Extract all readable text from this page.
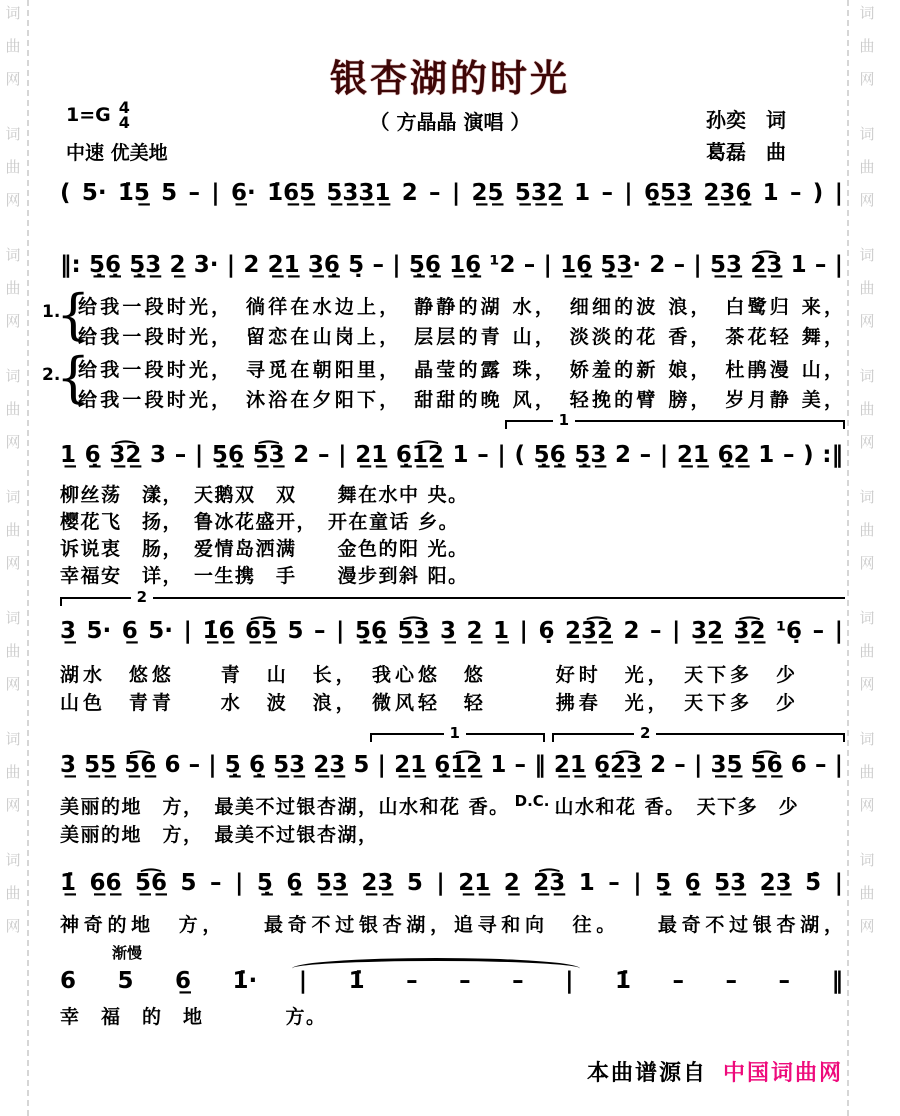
词
曲
网
词
曲
网
词
曲
网
词
曲
网
词
曲
网
词
曲
网
词
曲
网
词
曲
网
词
曲
网
词
曲
网
词
曲
网
词
曲
网
词
曲
网
词
曲
网
词
曲
网
词
曲
网
银杏湖的时光
（ 方晶晶 演唱 ）
1=G 4
4
中速 优美地
孙奕　词
葛磊　曲
( 5· 1̇5̲ 5 – | 6̲· 1̇6̲5̲ 5̲3̲3̲1̲ 2 – | 2̲5̲ 5̲3̲2̲ 1 – | 6̲̣5̲3̲ 2̲3̲6̲̣ 1 – ) |
‖: 5̲̣6̲̣ 5̲̣3̲ 2̲ 3· | 2 2̲1̲ 3̲6̲̣ 5̣ – | 5̲̣6̲̣ 1̲6̲̣ ¹2 – | 1̲6̲̣ 5̲̣3̲· 2 – | 5̲3̲ 2̲͡3̲ 1 – |
1.
{
给我一段时光，　徜徉在水边上，　静静的湖 水，　细细的波 浪，　白鹭归 来，
给我一段时光，　留恋在山岗上，　层层的青 山，　淡淡的花 香，　茶花轻 舞，
2.
{
给我一段时光，　寻觅在朝阳里，　晶莹的露 珠，　娇羞的新 娘，　杜鹃漫 山，
给我一段时光，　沐浴在夕阳下，　甜甜的晚 风，　轻挽的臂 膀，　岁月静 美，
1
1̲ 6̲̣ 3̲͡2̲ 3 – | 5̲̣6̲̣ 5̲͡3̲ 2 – | 2̲1̲ 6̲̣1̲͡2̲ 1 – | ( 5̲̣6̲̣ 5̲̣3̲ 2 – | 2̲1̲ 6̲̣2̲ 1 – ) :‖
柳丝荡　漾，　天鹅双　双　　舞在水中 央。
樱花飞　扬，　鲁冰花盛开，　开在童话 乡。
诉说衷　肠，　爱情岛洒满　　金色的阳 光。
幸福安　详，　一生携　手　　漫步到斜 阳。
2
3̲ 5· 6̲ 5· | 1̲̇6̲ 6̲͡5̲ 5 – | 5̲̣6̲̣ 5̲͡3̲ 3̲ 2̲ 1̲ | 6̣ 2̲3̲͡2̲ 2 – | 3̲2̲ 3̲͡2̲ ¹6̣ – |
湖水　悠悠　　青　山　长，　我心悠　悠　　　好时　光，　天下多　少
山色　青青　　水　波　浪，　微风轻　轻　　　拂春　光，　天下多　少
1	2
3̲ 5̲5̲ 5̲͡6̲ 6 – | 5̲̣ 6̲̣ 5̲3̲ 2̲3̲ 5 | 2̲1̲ 6̲̣1̲͡2̲ 1 – ‖ 2̲1̲ 6̲̣2̲͡3̲ 2 – | 3̲5̲ 5̲͡6̲ 6 – |
美丽的地　方，　最美不过银杏湖，山水和花 香。 $^{D.C.}$ 山水和花 香。　天下多　少
美丽的地　方，　最美不过银杏湖，
1̲̇ 6̲6̲ 5̲͡6̲ 5 – | 5̲̣ 6̲̣ 5̲3̲ 2̲3̲ 5 | 2̲1̲ 2̲ 2̲͡3̲ 1 – | 5̲̣ 6̲̣ 5̲3̲ 2̲3̲ 5̑ |
神奇的地　方，　　最奇不过银杏湖，追寻和向　往。　　最奇不过银杏湖，
渐慢
6 5 6̲ 1̇· | 1̇ – – – | 1̇ – – – ‖
幸　福　的　地　　　　方。
本曲谱源自 中国词曲网
